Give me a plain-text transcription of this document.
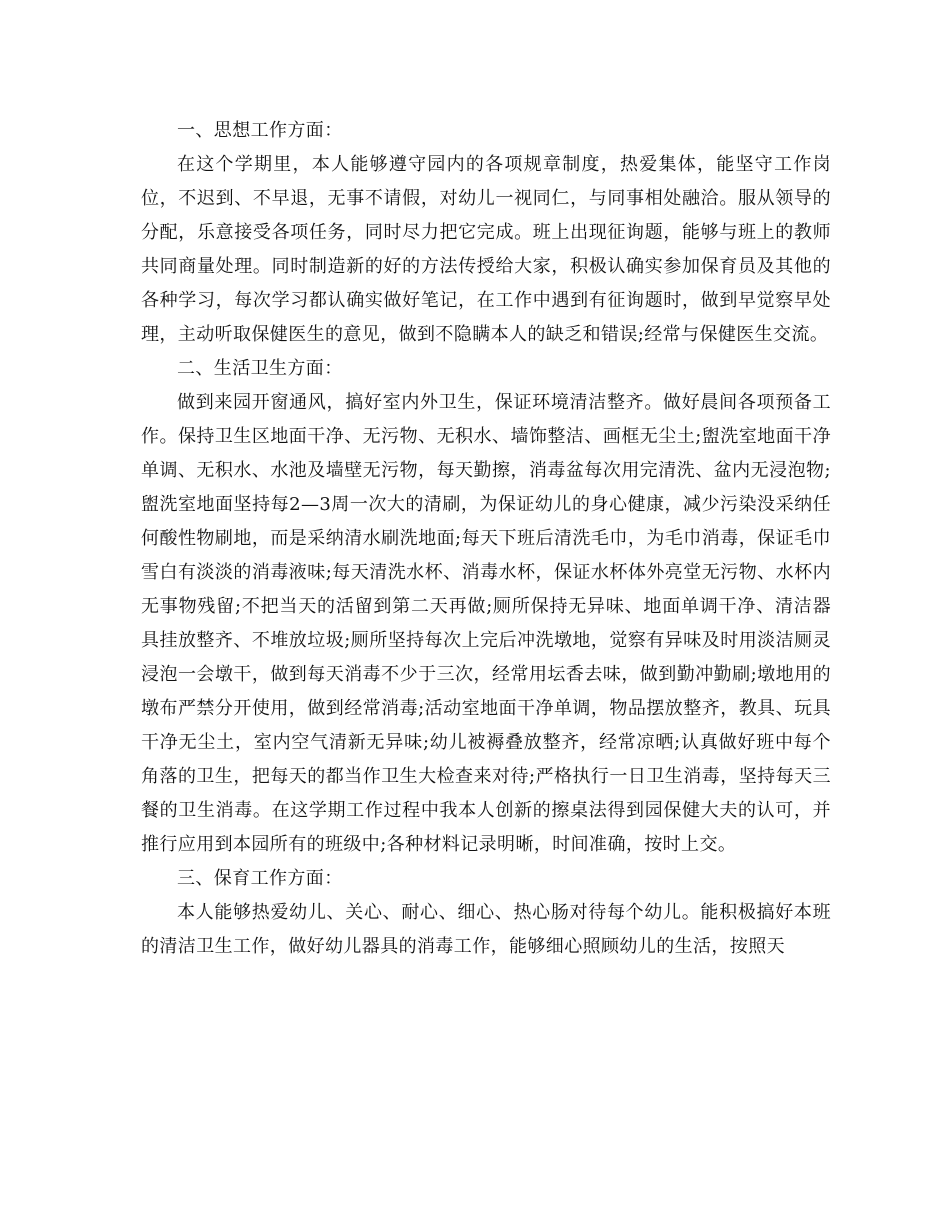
一、思想工作方面：

在这个学期里，本人能够遵守园内的各项规章制度，热爱集体，能坚守工作岗位，不迟到、不早退，无事不请假，对幼儿一视同仁，与同事相处融洽。服从领导的分配，乐意接受各项任务，同时尽力把它完成。班上出现征询题，能够与班上的教师共同商量处理。同时制造新的好的方法传授给大家，积极认确实参加保育员及其他的各种学习，每次学习都认确实做好笔记，在工作中遇到有征询题时，做到早觉察早处理，主动听取保健医生的意见，做到不隐瞒本人的缺乏和错误;经常与保健医生交流。

二、生活卫生方面：

做到来园开窗通风，搞好室内外卫生，保证环境清洁整齐。做好晨间各项预备工作。保持卫生区地面干净、无污物、无积水、墙饰整洁、画框无尘土;盥洗室地面干净单调、无积水、水池及墙壁无污物，每天勤擦，消毒盆每次用完清洗、盆内无浸泡物;盥洗室地面坚持每2—3周一次大的清刷，为保证幼儿的身心健康，减少污染没采纳任何酸性物刷地，而是采纳清水刷洗地面;每天下班后清洗毛巾，为毛巾消毒，保证毛巾雪白有淡淡的消毒液味;每天清洗水杯、消毒水杯，保证水杯体外亮堂无污物、水杯内无事物残留;不把当天的活留到第二天再做;厕所保持无异味、地面单调干净、清洁器具挂放整齐、不堆放垃圾;厕所坚持每次上完后冲洗墩地，觉察有异味及时用淡洁厕灵浸泡一会墩干，做到每天消毒不少于三次，经常用坛香去味，做到勤冲勤刷;墩地用的墩布严禁分开使用，做到经常消毒;活动室地面干净单调，物品摆放整齐，教具、玩具干净无尘土，室内空气清新无异味;幼儿被褥叠放整齐，经常凉晒;认真做好班中每个角落的卫生，把每天的都当作卫生大检查来对待;严格执行一日卫生消毒，坚持每天三餐的卫生消毒。在这学期工作过程中我本人创新的擦桌法得到园保健大夫的认可，并推行应用到本园所有的班级中;各种材料记录明晰，时间准确，按时上交。

三、保育工作方面：

本人能够热爱幼儿、关心、耐心、细心、热心肠对待每个幼儿。能积极搞好本班的清洁卫生工作，做好幼儿器具的消毒工作，能够细心照顾幼儿的生活，按照天
